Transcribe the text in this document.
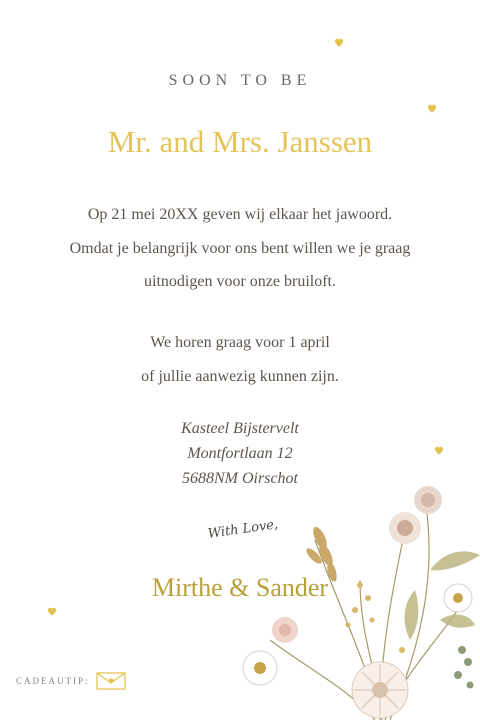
SOON TO BE
Mr. and Mrs. Janssen
Op 21 mei 20XX geven wij elkaar het jawoord.
Omdat je belangrijk voor ons bent willen we je graag
uitnodigen voor onze bruiloft.
We horen graag voor 1 april
of jullie aanwezig kunnen zijn.
Kasteel Bijstervelt
Montfortlaan 12
5688NM Oirschot
With Love,
Mirthe & Sander
CADEAUTIP:
